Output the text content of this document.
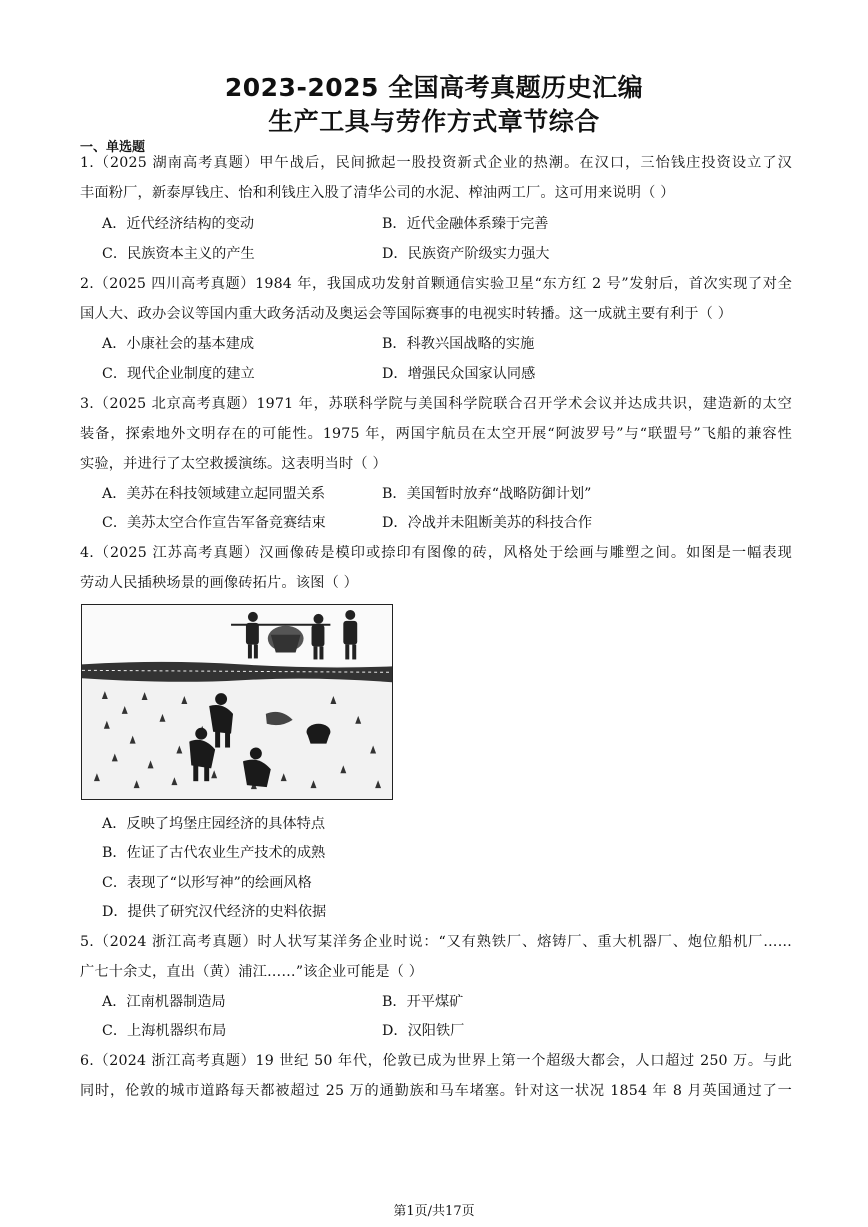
2023-2025 全国高考真题历史汇编
生产工具与劳作方式章节综合
一、单选题
1.（2025 湖南高考真题）甲午战后，民间掀起一股投资新式企业的热潮。在汉口，三怡钱庄投资设立了汉
丰面粉厂，新泰厚钱庄、怡和利钱庄入股了清华公司的水泥、榨油两工厂。这可用来说明（ ）
A．近代经济结构的变动	B．近代金融体系臻于完善
C．民族资本主义的产生	D．民族资产阶级实力强大
2.（2025 四川高考真题）1984 年，我国成功发射首颗通信实验卫星“东方红 2 号”发射后，首次实现了对全
国人大、政办会议等国内重大政务活动及奥运会等国际赛事的电视实时转播。这一成就主要有利于（ ）
A．小康社会的基本建成	B．科教兴国战略的实施
C．现代企业制度的建立	D．增强民众国家认同感
3.（2025 北京高考真题）1971 年，苏联科学院与美国科学院联合召开学术会议并达成共识，建造新的太空
装备，探索地外文明存在的可能性。1975 年，两国宇航员在太空开展“阿波罗号”与“联盟号”飞船的兼容性
实验，并进行了太空救援演练。这表明当时（ ）
A．美苏在科技领域建立起同盟关系	B．美国暂时放弃“战略防御计划”
C．美苏太空合作宣告军备竞赛结束	D．冷战并未阻断美苏的科技合作
4.（2025 江苏高考真题）汉画像砖是模印或捺印有图像的砖，风格处于绘画与雕塑之间。如图是一幅表现
劳动人民插秧场景的画像砖拓片。该图（ ）
A．反映了坞堡庄园经济的具体特点
B．佐证了古代农业生产技术的成熟
C．表现了“以形写神”的绘画风格
D．提供了研究汉代经济的史料依据
5.（2024 浙江高考真题）时人状写某洋务企业时说：“又有熟铁厂、熔铸厂、重大机器厂、炮位船机厂……
广七十余丈，直出（黄）浦江……”该企业可能是（ ）
A．江南机器制造局	B．开平煤矿
C．上海机器织布局	D．汉阳铁厂
6.（2024 浙江高考真题）19 世纪 50 年代，伦敦已成为世界上第一个超级大都会，人口超过 250 万。与此
同时，伦敦的城市道路每天都被超过 25 万的通勤族和马车堵塞。针对这一状况 1854 年 8 月英国通过了一
第1页/共17页
